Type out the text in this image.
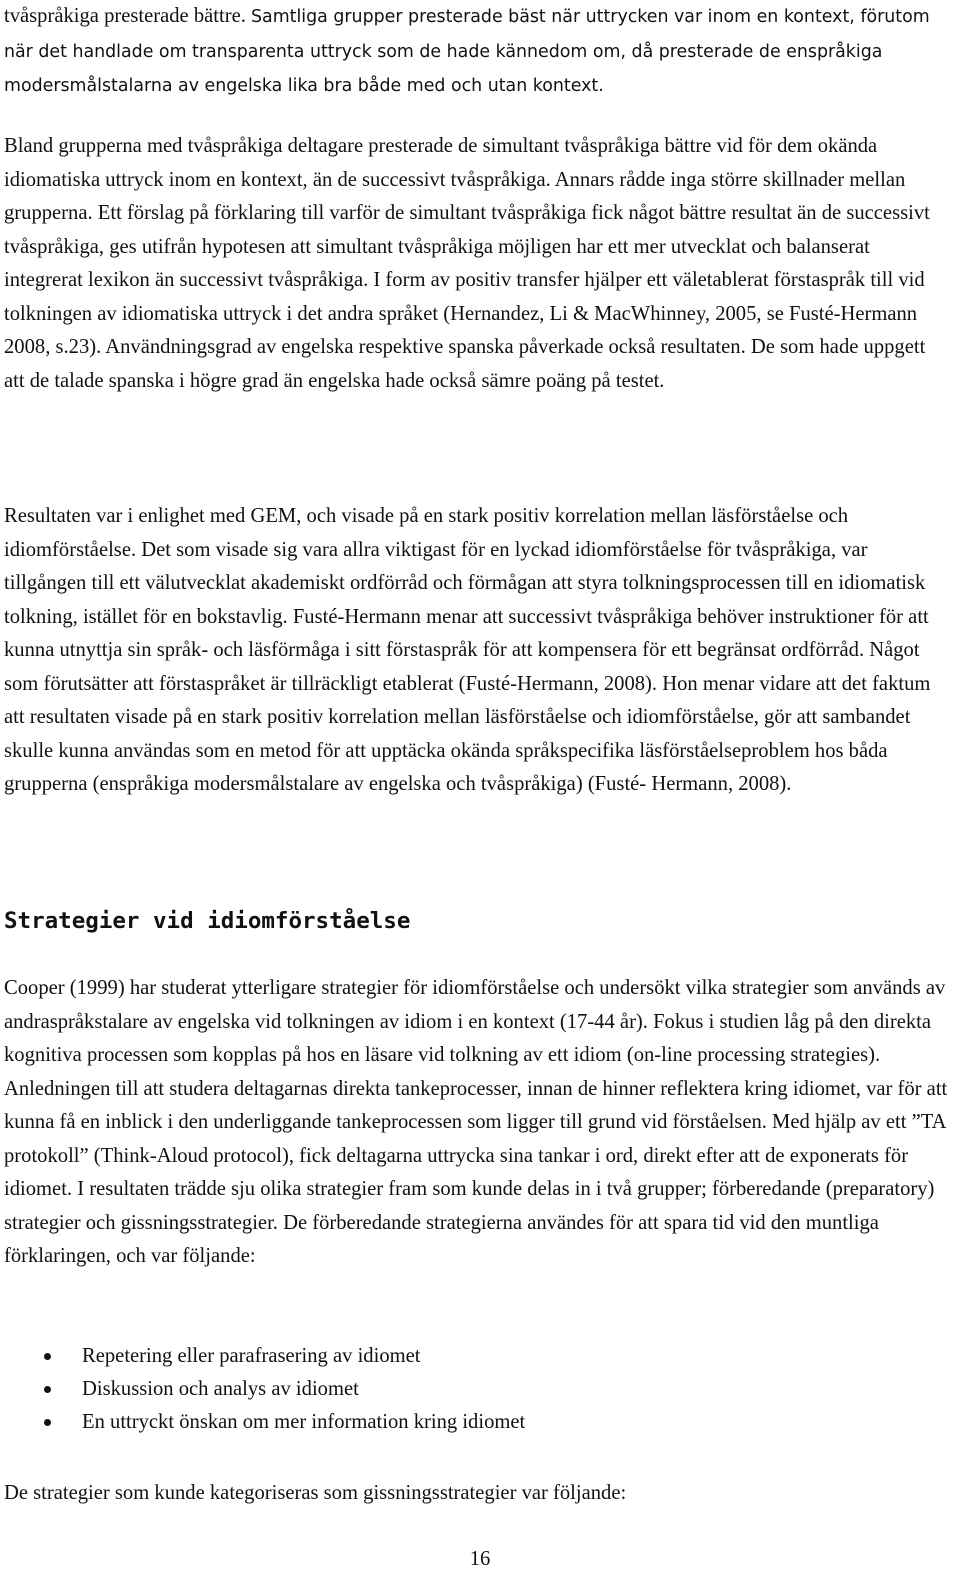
tvåspråkiga presterade bättre. Samtliga grupper presterade bäst när uttrycken var inom en kontext, förutom när det handlade om transparenta uttryck som de hade kännedom om, då presterade de enspråkiga modersmålstalarna av engelska lika bra både med och utan kontext.

Bland grupperna med tvåspråkiga deltagare presterade de simultant tvåspråkiga bättre vid för dem okända idiomatiska uttryck inom en kontext, än de successivt tvåspråkiga. Annars rådde inga större skillnader mellan grupperna. Ett förslag på förklaring till varför de simultant tvåspråkiga fick något bättre resultat än de successivt tvåspråkiga, ges utifrån hypotesen att simultant tvåspråkiga möjligen har ett mer utvecklat och balanserat integrerat lexikon än successivt tvåspråkiga. I form av positiv transfer hjälper ett väletablerat förstaspråk till vid tolkningen av idiomatiska uttryck i det andra språket (Hernandez, Li & MacWhinney, 2005, se Fusté-Hermann 2008, s.23). Användningsgrad av engelska respektive spanska påverkade också resultaten. De som hade uppgett att de talade spanska i högre grad än engelska hade också sämre poäng på testet.

Resultaten var i enlighet med GEM, och visade på en stark positiv korrelation mellan läsförståelse och idiomförståelse. Det som visade sig vara allra viktigast för en lyckad idiomförståelse för tvåspråkiga, var tillgången till ett välutvecklat akademiskt ordförråd och förmågan att styra tolkningsprocessen till en idiomatisk tolkning, istället för en bokstavlig. Fusté-Hermann menar att successivt tvåspråkiga behöver instruktioner för att kunna utnyttja sin språk- och läsförmåga i sitt förstaspråk för att kompensera för ett begränsat ordförråd. Något som förutsätter att förstaspråket är tillräckligt etablerat (Fusté-Hermann, 2008). Hon menar vidare att det faktum att resultaten visade på en stark positiv korrelation mellan läsförståelse och idiomförståelse, gör att sambandet skulle kunna användas som en metod för att upptäcka okända språkspecifika läsförståelseproblem hos båda grupperna (enspråkiga modersmålstalare av engelska och tvåspråkiga) (Fusté- Hermann, 2008).

Strategier vid idiomförståelse

Cooper (1999) har studerat ytterligare strategier för idiomförståelse och undersökt vilka strategier som används av andraspråkstalare av engelska vid tolkningen av idiom i en kontext (17-44 år). Fokus i studien låg på den direkta kognitiva processen som kopplas på hos en läsare vid tolkning av ett idiom (on-line processing strategies). Anledningen till att studera deltagarnas direkta tankeprocesser, innan de hinner reflektera kring idiomet, var för att kunna få en inblick i den underliggande tankeprocessen som ligger till grund vid förståelsen. Med hjälp av ett ”TA protokoll” (Think-Aloud protocol), fick deltagarna uttrycka sina tankar i ord, direkt efter att de exponerats för idiomet. I resultaten trädde sju olika strategier fram som kunde delas in i två grupper; förberedande (preparatory) strategier och gissningsstrategier. De förberedande strategierna användes för att spara tid vid den muntliga förklaringen, och var följande:

Repetering eller parafrasering av idiomet
Diskussion och analys av idiomet
En uttryckt önskan om mer information kring idiomet

De strategier som kunde kategoriseras som gissningsstrategier var följande:

16
